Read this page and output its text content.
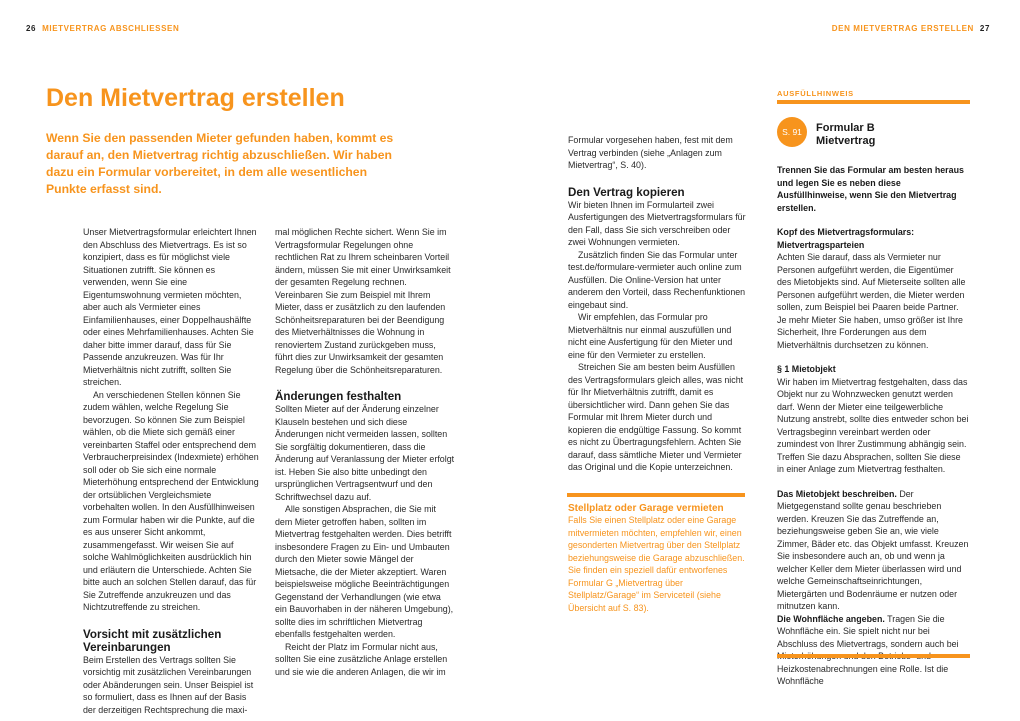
26 MIETVERTRAG ABSCHLIESSEN	DEN MIETVERTRAG ERSTELLEN 27
Den Mietvertrag erstellen
Wenn Sie den passenden Mieter gefunden haben, kommt es darauf an, den Mietvertrag richtig abzuschließen. Wir haben dazu ein Formular vorbereitet, in dem alle wesentlichen Punkte erfasst sind.

Unser Mietvertragsformular erleichtert Ihnen den Abschluss des Mietvertrags. Es ist so konzipiert, dass es für möglichst viele Situationen zutrifft. Sie können es verwenden, wenn Sie eine Eigentumswohnung vermieten möchten, aber auch als Vermieter eines Einfamilienhauses, einer Doppelhaushälfte oder eines Mehrfamilienhauses. Achten Sie daher bitte immer darauf, dass für Sie Passende anzukreuzen. Was für Ihr Mietverhältnis nicht zutrifft, sollten Sie streichen.

An verschiedenen Stellen können Sie zudem wählen, welche Regelung Sie bevorzugen. So können Sie zum Beispiel wählen, ob die Miete sich gemäß einer vereinbarten Staffel oder entsprechend dem Verbraucherpreisindex (Indexmiete) erhöhen soll oder ob Sie sich eine normale Mieterhöhung entsprechend der Entwicklung der ortsüblichen Vergleichsmiete vorbehalten wollen. In den Ausfüllhinweisen zum Formular haben wir die Punkte, auf die es aus unserer Sicht ankommt, zusammengefasst. Wir weisen Sie auf solche Wahlmöglichkeiten ausdrücklich hin und erläutern die Unterschiede. Achten Sie bitte auch an solchen Stellen darauf, das für Sie Zutreffende anzukreuzen und das Nichtzutreffende zu streichen.

Vorsicht mit zusätzlichen Vereinbarungen

Beim Erstellen des Vertrags sollten Sie vorsichtig mit zusätzlichen Vereinbarungen oder Abänderungen sein. Unser Beispiel ist so formuliert, dass es Ihnen auf der Basis der derzeitigen Rechtsprechung die maxi-

mal möglichen Rechte sichert. Wenn Sie im Vertragsformular Regelungen ohne rechtlichen Rat zu Ihrem scheinbaren Vorteil ändern, müssen Sie mit einer Unwirksamkeit der gesamten Regelung rechnen. Vereinbaren Sie zum Beispiel mit Ihrem Mieter, dass er zusätzlich zu den laufenden Schönheitsreparaturen bei der Beendigung des Mietverhältnisses die Wohnung in renoviertem Zustand zurückgeben muss, führt dies zur Unwirksamkeit der gesamten Regelung über die Schönheitsreparaturen.

Änderungen festhalten

Sollten Mieter auf der Änderung einzelner Klauseln bestehen und sich diese Änderungen nicht vermeiden lassen, sollten Sie sorgfältig dokumentieren, dass die Änderung auf Veranlassung der Mieter erfolgt ist. Heben Sie also bitte unbedingt den ursprünglichen Vertragsentwurf und den Schriftwechsel dazu auf.

Alle sonstigen Absprachen, die Sie mit dem Mieter getroffen haben, sollten im Mietvertrag festgehalten werden. Dies betrifft insbesondere Fragen zu Ein- und Umbauten durch den Mieter sowie Mängel der Mietsache, die der Mieter akzeptiert. Waren beispielsweise mögliche Beeinträchtigungen Gegenstand der Verhandlungen (wie etwa ein Bauvorhaben in der näheren Umgebung), sollte dies im schriftlichen Mietvertrag ebenfalls festgehalten werden.

Reicht der Platz im Formular nicht aus, sollten Sie eine zusätzliche Anlage erstellen und sie wie die anderen Anlagen, die wir im

Formular vorgesehen haben, fest mit dem Vertrag verbinden (siehe „Anlagen zum Mietvertrag“, S. 40).

Den Vertrag kopieren

Wir bieten Ihnen im Formularteil zwei Ausfertigungen des Mietvertragsformulars für den Fall, dass Sie sich verschreiben oder zwei Wohnungen vermieten.

Zusätzlich finden Sie das Formular unter test.de/formulare-vermieter auch online zum Ausfüllen. Die Online-Version hat unter anderem den Vorteil, dass Rechenfunktionen eingebaut sind.

Wir empfehlen, das Formular pro Mietverhältnis nur einmal auszufüllen und nicht eine Ausfertigung für den Mieter und eine für den Vermieter zu erstellen.

Streichen Sie am besten beim Ausfüllen des Vertragsformulars gleich alles, was nicht für Ihr Mietverhältnis zutrifft, damit es übersichtlicher wird. Dann gehen Sie das Formular mit Ihrem Mieter durch und kopieren die endgültige Fassung. So kommt es nicht zu Übertragungsfehlern. Achten Sie darauf, dass sämtliche Mieter und Vermieter das Original und die Kopie unterzeichnen.

Stellplatz oder Garage vermieten
Falls Sie einen Stellplatz oder eine Garage mitvermieten möchten, empfehlen wir, einen gesonderten Mietvertrag über den Stellplatz beziehungsweise die Garage abzuschließen. Sie finden ein speziell dafür entworfenes Formular G „Mietvertrag über Stellplatz/Garage“ im Serviceteil (siehe Übersicht auf S. 83).
AUSFÜLLHINWEIS
S. 91	Formular B Mietvertrag

Trennen Sie das Formular am besten heraus und legen Sie es neben diese Ausfüllhinweise, wenn Sie den Mietvertrag erstellen.

Kopf des Mietvertragsformulars: Mietvertragsparteien

Achten Sie darauf, dass als Vermieter nur Personen aufgeführt werden, die Eigentümer des Mietobjekts sind. Auf Mieterseite sollten alle Personen aufgeführt werden, die Mieter werden sollen, zum Beispiel bei Paaren beide Partner. Je mehr Mieter Sie haben, umso größer ist Ihre Sicherheit, Ihre Forderungen aus dem Mietverhältnis durchsetzen zu können.

§ 1 Mietobjekt

Wir haben im Mietvertrag festgehalten, dass das Objekt nur zu Wohnzwecken genutzt werden darf. Wenn der Mieter eine teilgewerbliche Nutzung anstrebt, sollte dies entweder schon bei Vertragsbeginn vereinbart werden oder zumindest von Ihrer Zustimmung abhängig sein. Treffen Sie dazu Absprachen, sollten Sie diese in einer Anlage zum Mietvertrag festhalten.

Das Mietobjekt beschreiben. Der Mietgegenstand sollte genau beschrieben werden. Kreuzen Sie das Zutreffende an, beziehungsweise geben Sie an, wie viele Zimmer, Bäder etc. das Objekt umfasst. Kreuzen Sie insbesondere auch an, ob und wenn ja welcher Keller dem Mieter überlassen wird und welche Gemeinschaftseinrichtungen, Mietergärten und Bodenräume er nutzen oder mitnutzen kann.

Die Wohnfläche angeben. Tragen Sie die Wohnfläche ein. Sie spielt nicht nur bei Abschluss des Mietvertrags, sondern auch bei Heizkostenabrechnungen eine Rolle. Ist die Wohnfläche
